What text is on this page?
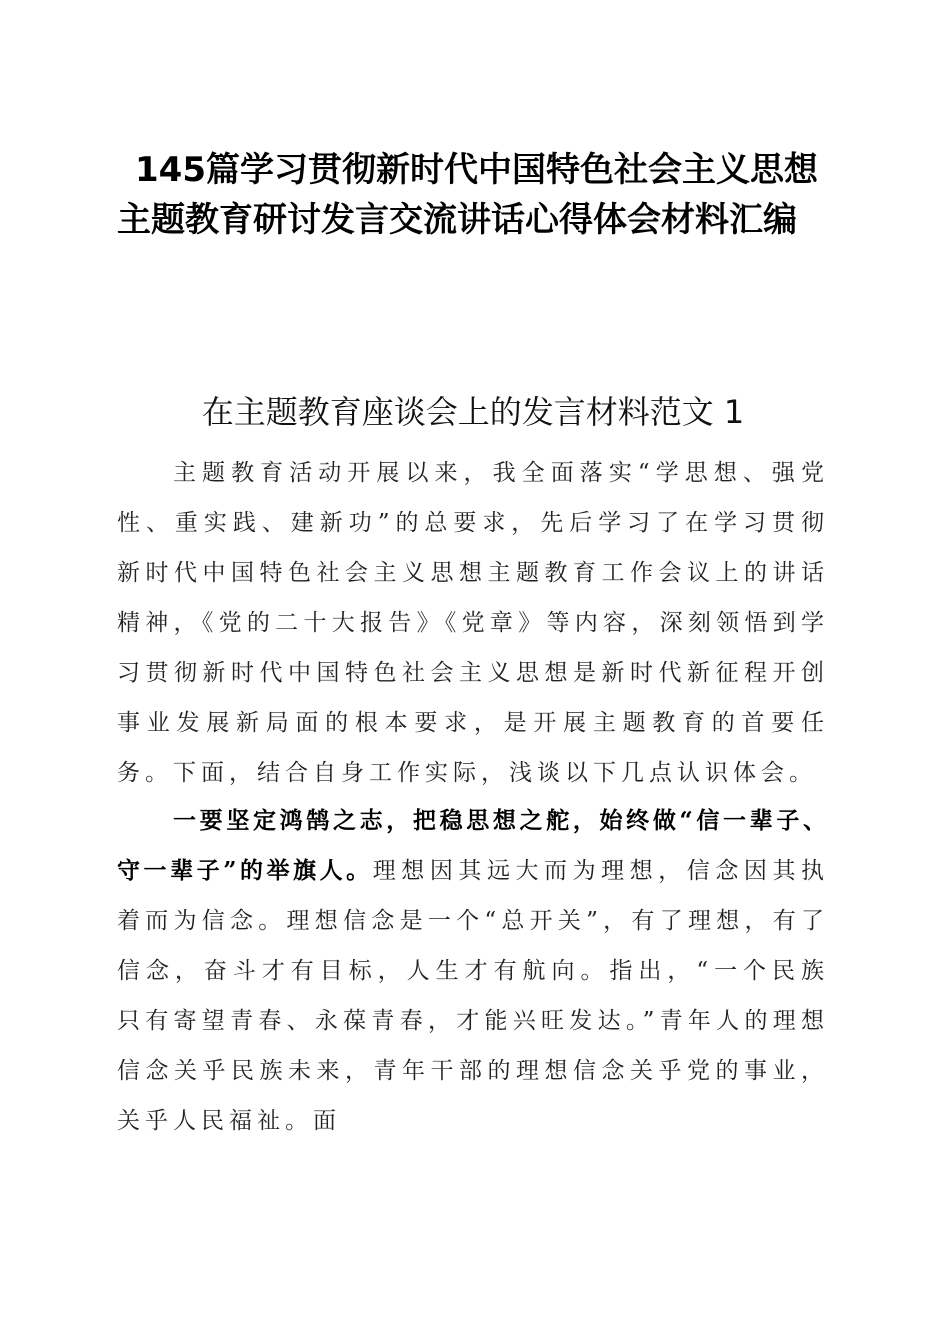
145篇学习贯彻新时代中国特色社会主义思想主题教育研讨发言交流讲话心得体会材料汇编
在主题教育座谈会上的发言材料范文 1

主题教育活动开展以来，我全面落实“学思想、强党性、重实践、建新功”的总要求，先后学习了在学习贯彻新时代中国特色社会主义思想主题教育工作会议上的讲话精神，《党的二十大报告》《党章》等内容，深刻领悟到学习贯彻新时代中国特色社会主义思想是新时代新征程开创事业发展新局面的根本要求，是开展主题教育的首要任务。下面，结合自身工作实际，浅谈以下几点认识体会。

一要坚定鸿鹄之志，把稳思想之舵，始终做“信一辈子、守一辈子”的举旗人。理想因其远大而为理想，信念因其执着而为信念。理想信念是一个“总开关”，有了理想，有了信念，奋斗才有目标，人生才有航向。指出，“一个民族只有寄望青春、永葆青春，才能兴旺发达。”青年人的理想信念关乎民族未来，青年干部的理想信念关乎党的事业，关乎人民福祉。面
